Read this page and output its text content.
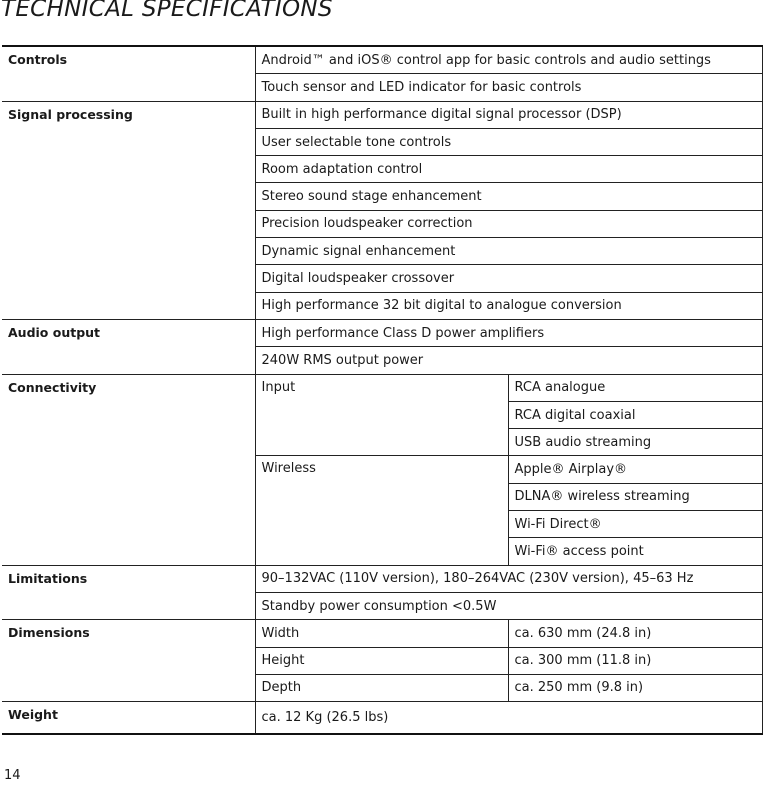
TECHNICAL SPECIFICATIONS
Controls	Android™ and iOS® control app for basic controls and audio settings	
	Touch sensor and LED indicator for basic controls	
Signal processing	Built in high performance digital signal processor (DSP)	
	User selectable tone controls	
	Room adaptation control	
	Stereo sound stage enhancement	
	Precision loudspeaker correction	
	Dynamic signal enhancement	
	Digital loudspeaker crossover	
	High performance 32 bit digital to analogue conversion	
Audio output	High performance Class D power amplifiers	
	240W RMS output power	
Connectivity	Input	RCA analogue
		RCA digital coaxial
		USB audio streaming
	Wireless	Apple® Airplay®
		DLNA® wireless streaming
		Wi-Fi Direct®
		Wi-Fi® access point
Limitations	90–132VAC (110V version), 180–264VAC (230V version), 45–63 Hz	
	Standby power consumption <0.5W	
Dimensions	Width	ca. 630 mm (24.8 in)
	Height	ca. 300 mm (11.8 in)
	Depth	ca. 250 mm (9.8 in)
Weight	ca. 12 Kg (26.5 lbs)	
14
